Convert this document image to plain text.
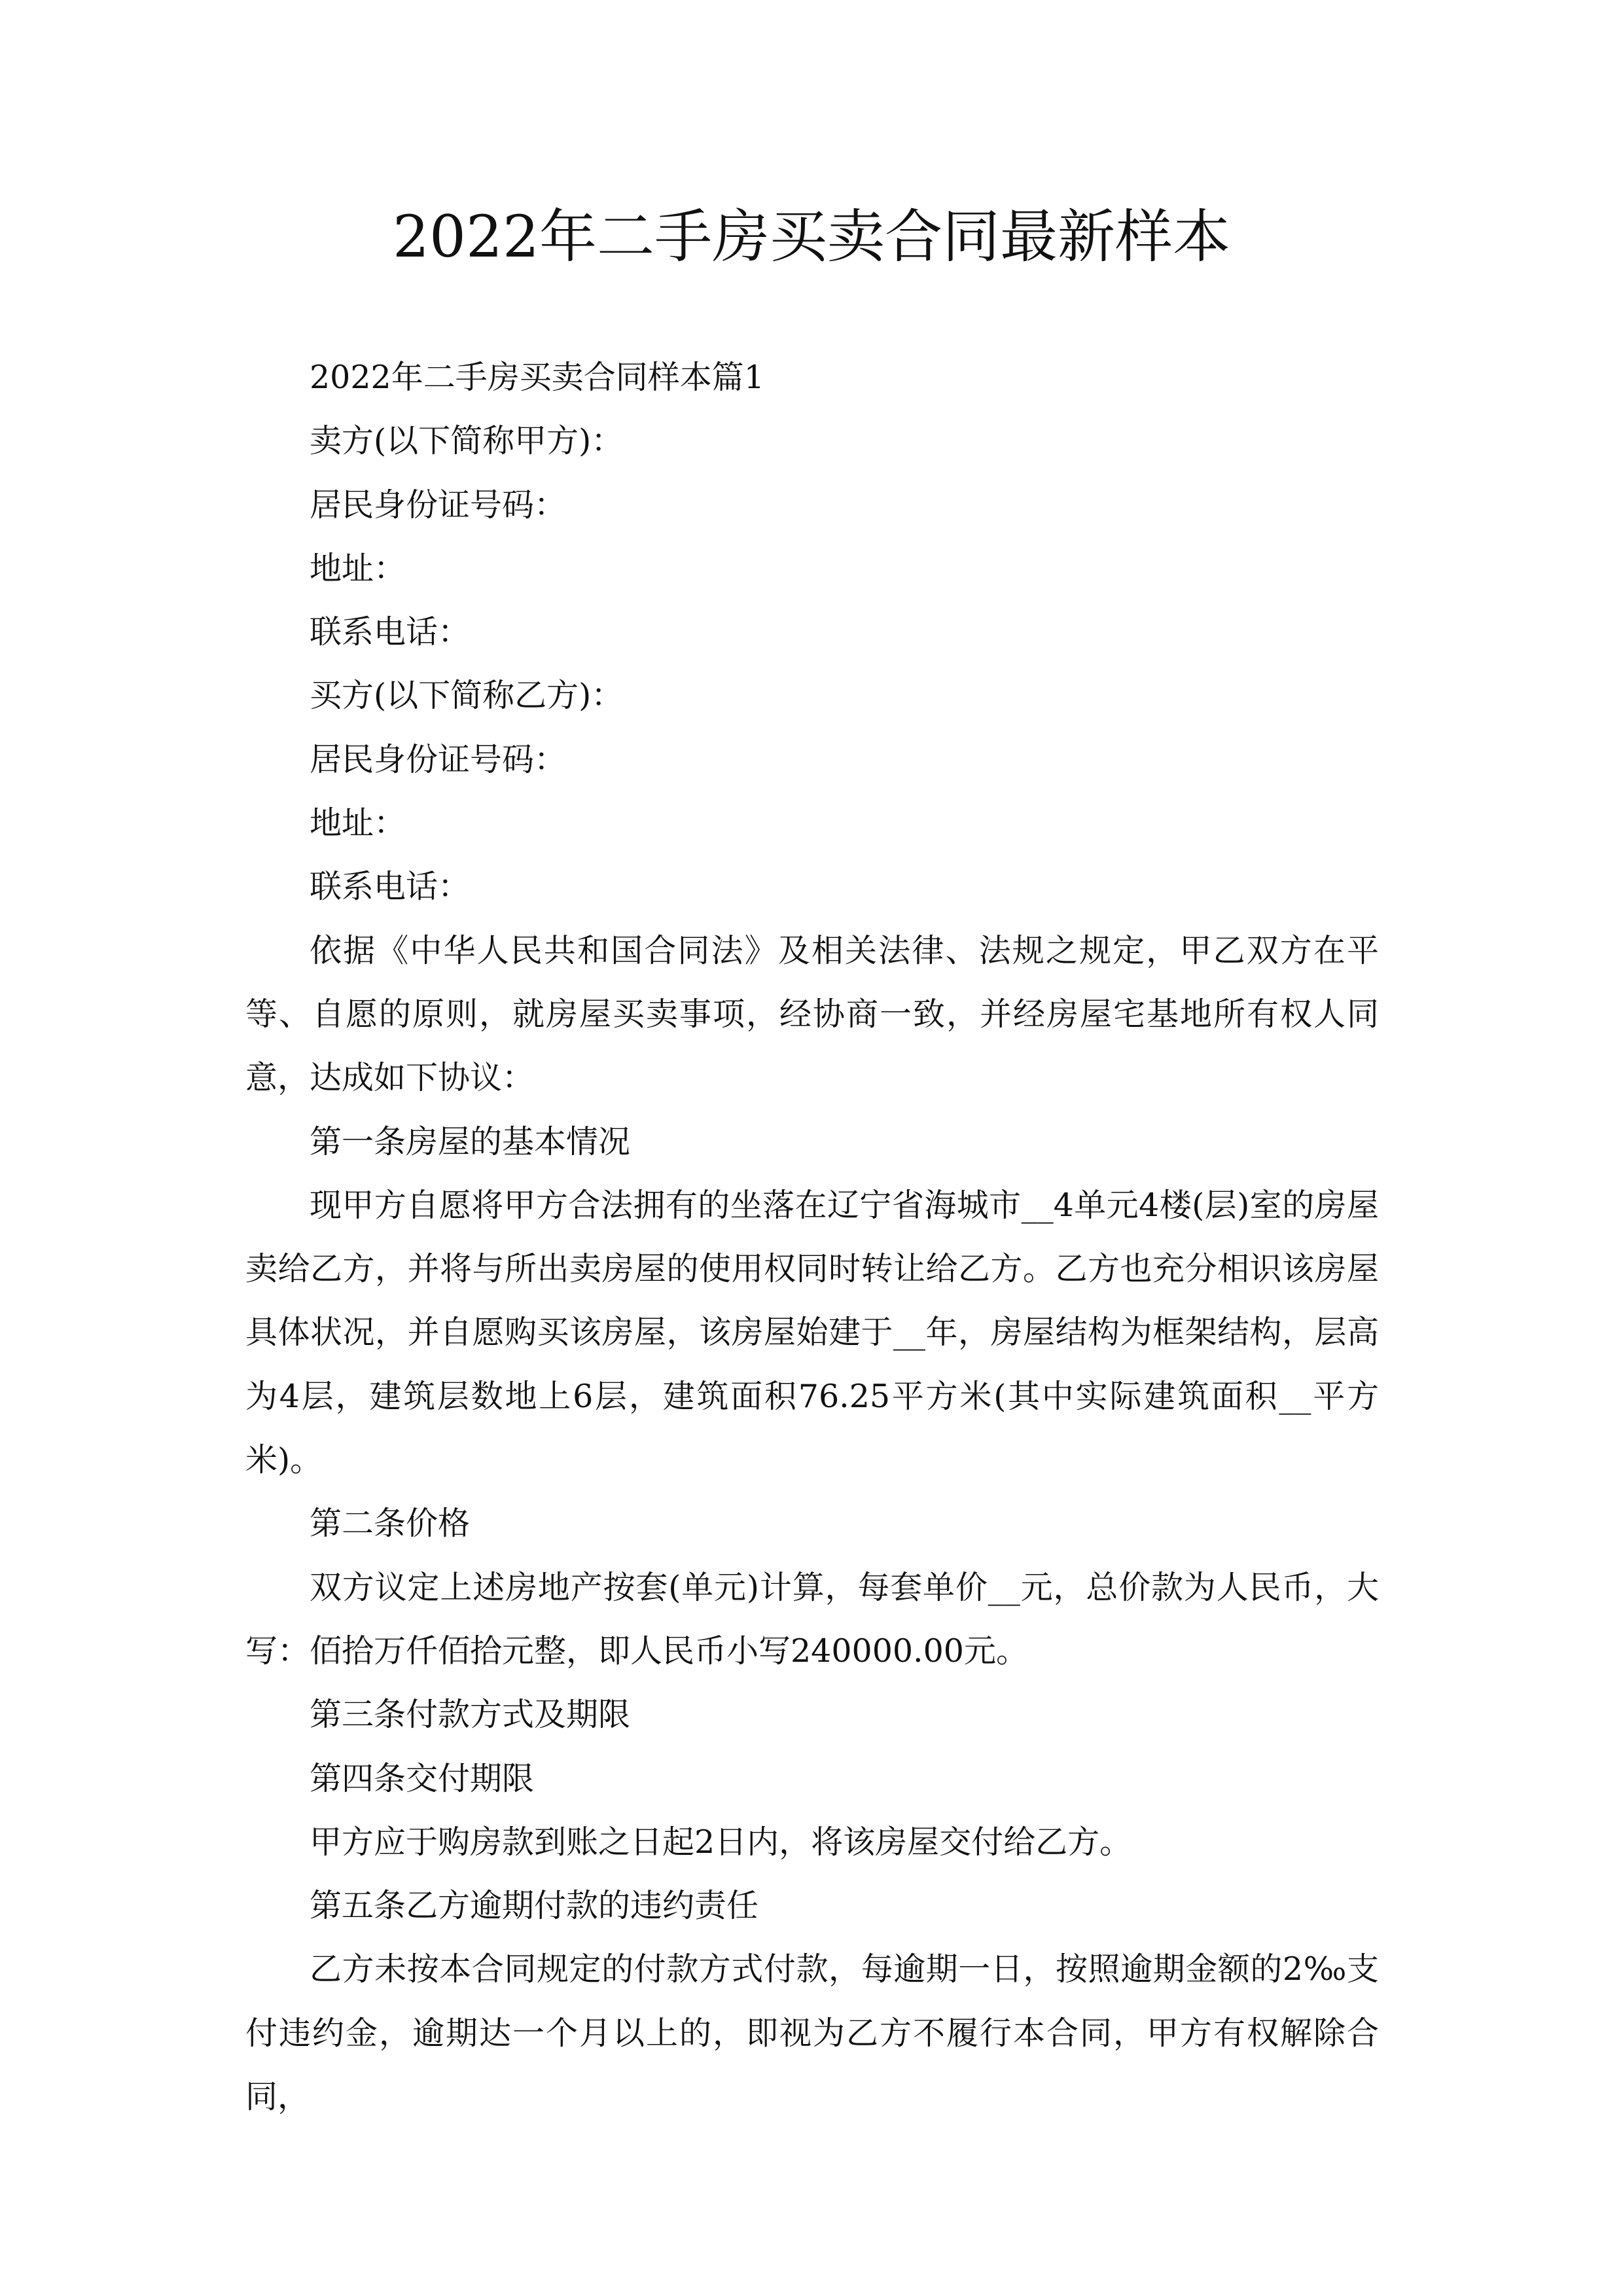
2022年二手房买卖合同最新样本

2022年二手房买卖合同样本篇1

卖方(以下简称甲方)：

居民身份证号码：

地址：

联系电话：

买方(以下简称乙方)：

居民身份证号码：

地址：

联系电话：

依据《中华人民共和国合同法》及相关法律、法规之规定，甲乙双方在平等、自愿的原则，就房屋买卖事项，经协商一致，并经房屋宅基地所有权人同意，达成如下协议：

第一条房屋的基本情况

现甲方自愿将甲方合法拥有的坐落在辽宁省海城市__4单元4楼(层)室的房屋卖给乙方，并将与所出卖房屋的使用权同时转让给乙方。乙方也充分相识该房屋具体状况，并自愿购买该房屋，该房屋始建于__年，房屋结构为框架结构，层高为4层，建筑层数地上6层，建筑面积76.25平方米(其中实际建筑面积__平方米)。

第二条价格

双方议定上述房地产按套(单元)计算，每套单价__元，总价款为人民币，大写：佰拾万仟佰拾元整，即人民币小写240000.00元。

第三条付款方式及期限

第四条交付期限

甲方应于购房款到账之日起2日内，将该房屋交付给乙方。

第五条乙方逾期付款的违约责任

乙方未按本合同规定的付款方式付款，每逾期一日，按照逾期金额的2‰支付违约金，逾期达一个月以上的，即视为乙方不履行本合同，甲方有权解除合同，
